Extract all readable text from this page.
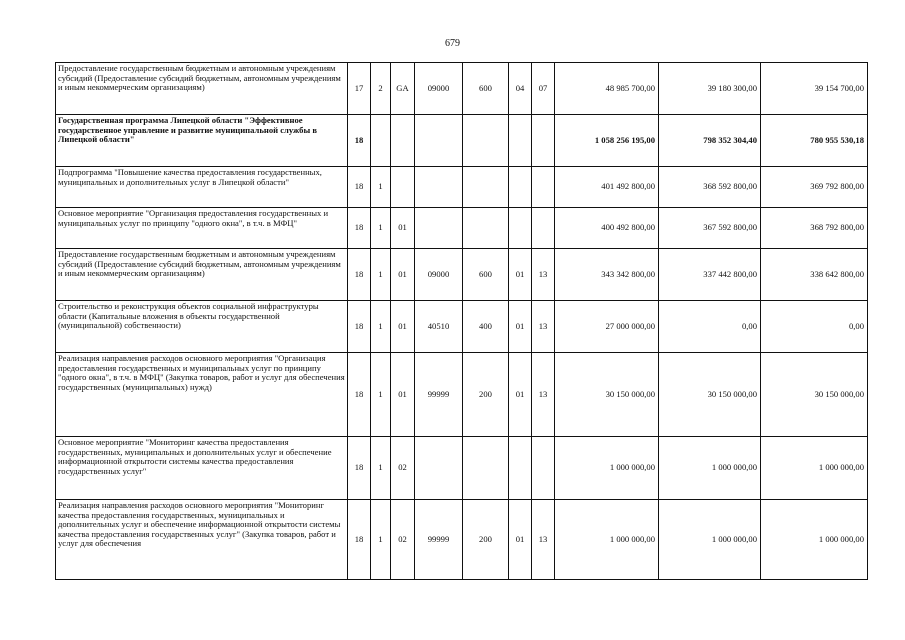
679
Предоставление государственным бюджетным и автономным учреждениям субсидий (Предоставление субсидий бюджетным, автономным учреждениям и иным некоммерческим организациям)	17	2	GA	09000	600	04	07	48 985 700,00	39 180 300,00	39 154 700,00
Государственная программа Липецкой области "Эффективное государственное управление и развитие муниципальной службы в Липецкой области"	18							1 058 256 195,00	798 352 304,40	780 955 530,18
Подпрограмма "Повышение качества предоставления государственных, муниципальных и дополнительных услуг в Липецкой области"	18	1						401 492 800,00	368 592 800,00	369 792 800,00
Основное мероприятие "Организация предоставления государственных и муниципальных услуг по принципу "одного окна", в т.ч. в МФЦ"	18	1	01					400 492 800,00	367 592 800,00	368 792 800,00
Предоставление государственным бюджетным и автономным учреждениям субсидий (Предоставление субсидий бюджетным, автономным учреждениям и иным некоммерческим организациям)	18	1	01	09000	600	01	13	343 342 800,00	337 442 800,00	338 642 800,00
Строительство и реконструкция объектов социальной инфраструктуры области (Капитальные вложения в объекты государственной (муниципальной) собственности)	18	1	01	40510	400	01	13	27 000 000,00	0,00	0,00
Реализация направления расходов основного мероприятия "Организация предоставления государственных и муниципальных услуг по принципу "одного окна", в т.ч. в МФЦ" (Закупка товаров, работ и услуг для обеспечения государственных (муниципальных) нужд)	18	1	01	99999	200	01	13	30 150 000,00	30 150 000,00	30 150 000,00
Основное мероприятие "Мониторинг качества предоставления государственных, муниципальных и дополнительных услуг и обеспечение информационной открытости системы качества предоставления государственных услуг"	18	1	02					1 000 000,00	1 000 000,00	1 000 000,00
Реализация направления расходов основного мероприятия "Мониторинг качества предоставления государственных, муниципальных и дополнительных услуг и обеспечение информационной открытости системы качества предоставления государственных услуг" (Закупка товаров, работ и услуг для обеспечения	18	1	02	99999	200	01	13	1 000 000,00	1 000 000,00	1 000 000,00
